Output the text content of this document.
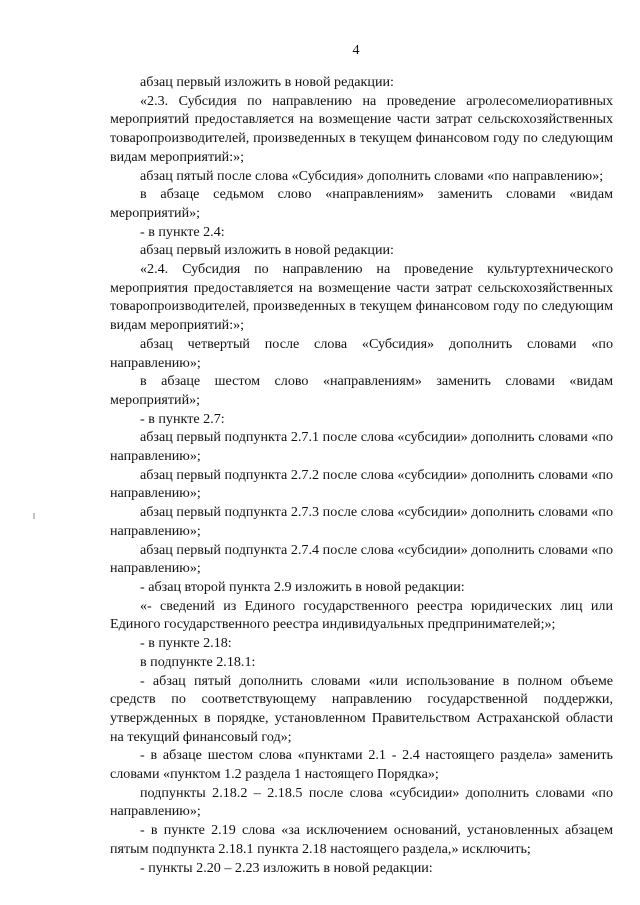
4

абзац первый изложить в новой редакции:

«2.3. Субсидия по направлению на проведение агролесомелиоративных мероприятий предоставляется на возмещение части затрат сельскохозяйственных товаропроизводителей, произведенных в текущем финансовом году по следующим видам мероприятий:»;

абзац пятый после слова «Субсидия» дополнить словами «по направлению»;

в абзаце седьмом слово «направлениям» заменить словами «видам мероприятий»;

- в пункте 2.4:

абзац первый изложить в новой редакции:

«2.4. Субсидия по направлению на проведение культуртехнического мероприятия предоставляется на возмещение части затрат сельскохозяйственных товаропроизводителей, произведенных в текущем финансовом году по следующим видам мероприятий:»;

абзац четвертый после слова «Субсидия» дополнить словами «по направлению»;

в абзаце шестом слово «направлениям» заменить словами «видам мероприятий»;

- в пункте 2.7:

абзац первый подпункта 2.7.1 после слова «субсидии» дополнить словами «по направлению»;

абзац первый подпункта 2.7.2 после слова «субсидии» дополнить словами «по направлению»;

абзац первый подпункта 2.7.3 после слова «субсидии» дополнить словами «по направлению»;

абзац первый подпункта 2.7.4 после слова «субсидии» дополнить словами «по направлению»;

- абзац второй пункта 2.9 изложить в новой редакции:

«- сведений из Единого государственного реестра юридических лиц или Единого государственного реестра индивидуальных предпринимателей;»;

- в пункте 2.18:

в подпункте 2.18.1:

- абзац пятый дополнить словами «или использование в полном объеме средств по соответствующему направлению государственной поддержки, утвержденных в порядке, установленном Правительством Астраханской области на текущий финансовый год»;

- в абзаце шестом слова «пунктами 2.1 - 2.4 настоящего раздела» заменить словами «пунктом 1.2 раздела 1 настоящего Порядка»;

подпункты 2.18.2 – 2.18.5 после слова «субсидии» дополнить словами «по направлению»;

- в пункте 2.19 слова «за исключением оснований, установленных абзацем пятым подпункта 2.18.1 пункта 2.18 настоящего раздела,» исключить;

- пункты 2.20 – 2.23 изложить в новой редакции:
